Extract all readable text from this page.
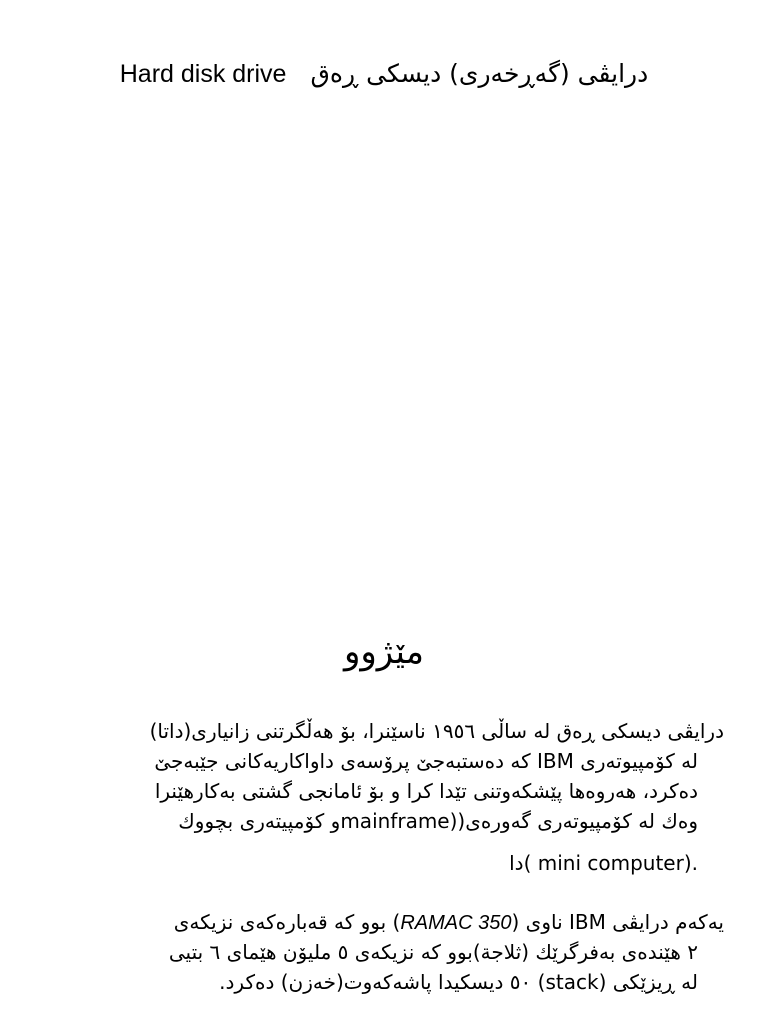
Hard disk drive درایڤی (گەڕخەری) دیسکی ڕەق
مێژوو
درایڤی دیسکی ڕەق لە ساڵی ١٩٥٦ ناسێنرا، بۆ هەڵگرتنی زانیاری(داتا)
لە کۆمپیوتەری IBM کە دەستبەجێ پرۆسەی داواکاریەکانی جێبەجێ
دەکرد، هەروەها پێشکەوتنی تێدا کرا و بۆ ئامانجی گشتی بەکارهێنرا
وەك لە کۆمپیوتەری گەورەی((mainframeو کۆمپیتەری بچووك
.(mini computer )دا
یەکەم درایڤی IBM ناوی (RAMAC 350) بوو کە قەبارەکەی نزیکەی
٢ هێندەی بەفرگرێك (ثلاجة)بوو کە نزیکەی ٥ ملیۆن هێمای ٦ بتیی
لە ڕیزێکی (stack) ٥٠ دیسکیدا پاشەکەوت(خەزن) دەکرد.
